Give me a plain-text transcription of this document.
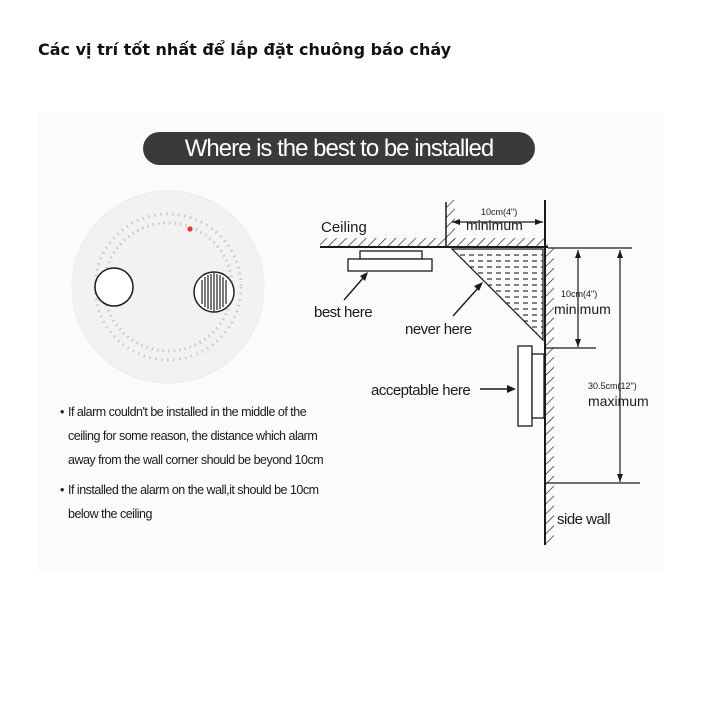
Các vị trí tốt nhất để lắp đặt chuông báo cháy
Where is the best to be installed
10cm(4")
minimum
10cm(4")
minimum
30.5cm(12")
maximum
Ceiling
best here
never here
acceptable here
side wall
• If alarm couldn't be installed in the middle of the ceiling for some reason, the distance which alarm away from the wall corner should be beyond 10cm
• If installed the alarm on the wall,it should be 10cm below the ceiling
